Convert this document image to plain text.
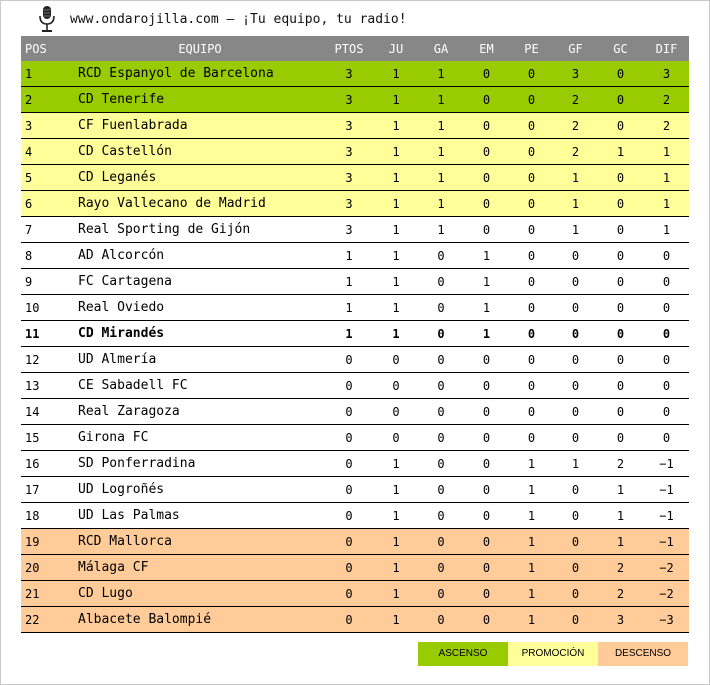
www.ondarojilla.com – ¡Tu equipo, tu radio!
POS	EQUIPO	PTOS	JU	GA	EM	PE	GF	GC	DIF
1	RCD Espanyol de Barcelona	3	1	1	0	0	3	0	3
2	CD Tenerife	3	1	1	0	0	2	0	2
3	CF Fuenlabrada	3	1	1	0	0	2	0	2
4	CD Castellón	3	1	1	0	0	2	1	1
5	CD Leganés	3	1	1	0	0	1	0	1
6	Rayo Vallecano de Madrid	3	1	1	0	0	1	0	1
7	Real Sporting de Gijón	3	1	1	0	0	1	0	1
8	AD Alcorcón	1	1	0	1	0	0	0	0
9	FC Cartagena	1	1	0	1	0	0	0	0
10	Real Oviedo	1	1	0	1	0	0	0	0
11	CD Mirandés	1	1	0	1	0	0	0	0
12	UD Almería	0	0	0	0	0	0	0	0
13	CE Sabadell FC	0	0	0	0	0	0	0	0
14	Real Zaragoza	0	0	0	0	0	0	0	0
15	Girona FC	0	0	0	0	0	0	0	0
16	SD Ponferradina	0	1	0	0	1	1	2	−1
17	UD Logroñés	0	1	0	0	1	0	1	−1
18	UD Las Palmas	0	1	0	0	1	0	1	−1
19	RCD Mallorca	0	1	0	0	1	0	1	−1
20	Málaga CF	0	1	0	0	1	0	2	−2
21	CD Lugo	0	1	0	0	1	0	2	−2
22	Albacete Balompié	0	1	0	0	1	0	3	−3
ASCENSO	PROMOCIÓN	DESCENSO
